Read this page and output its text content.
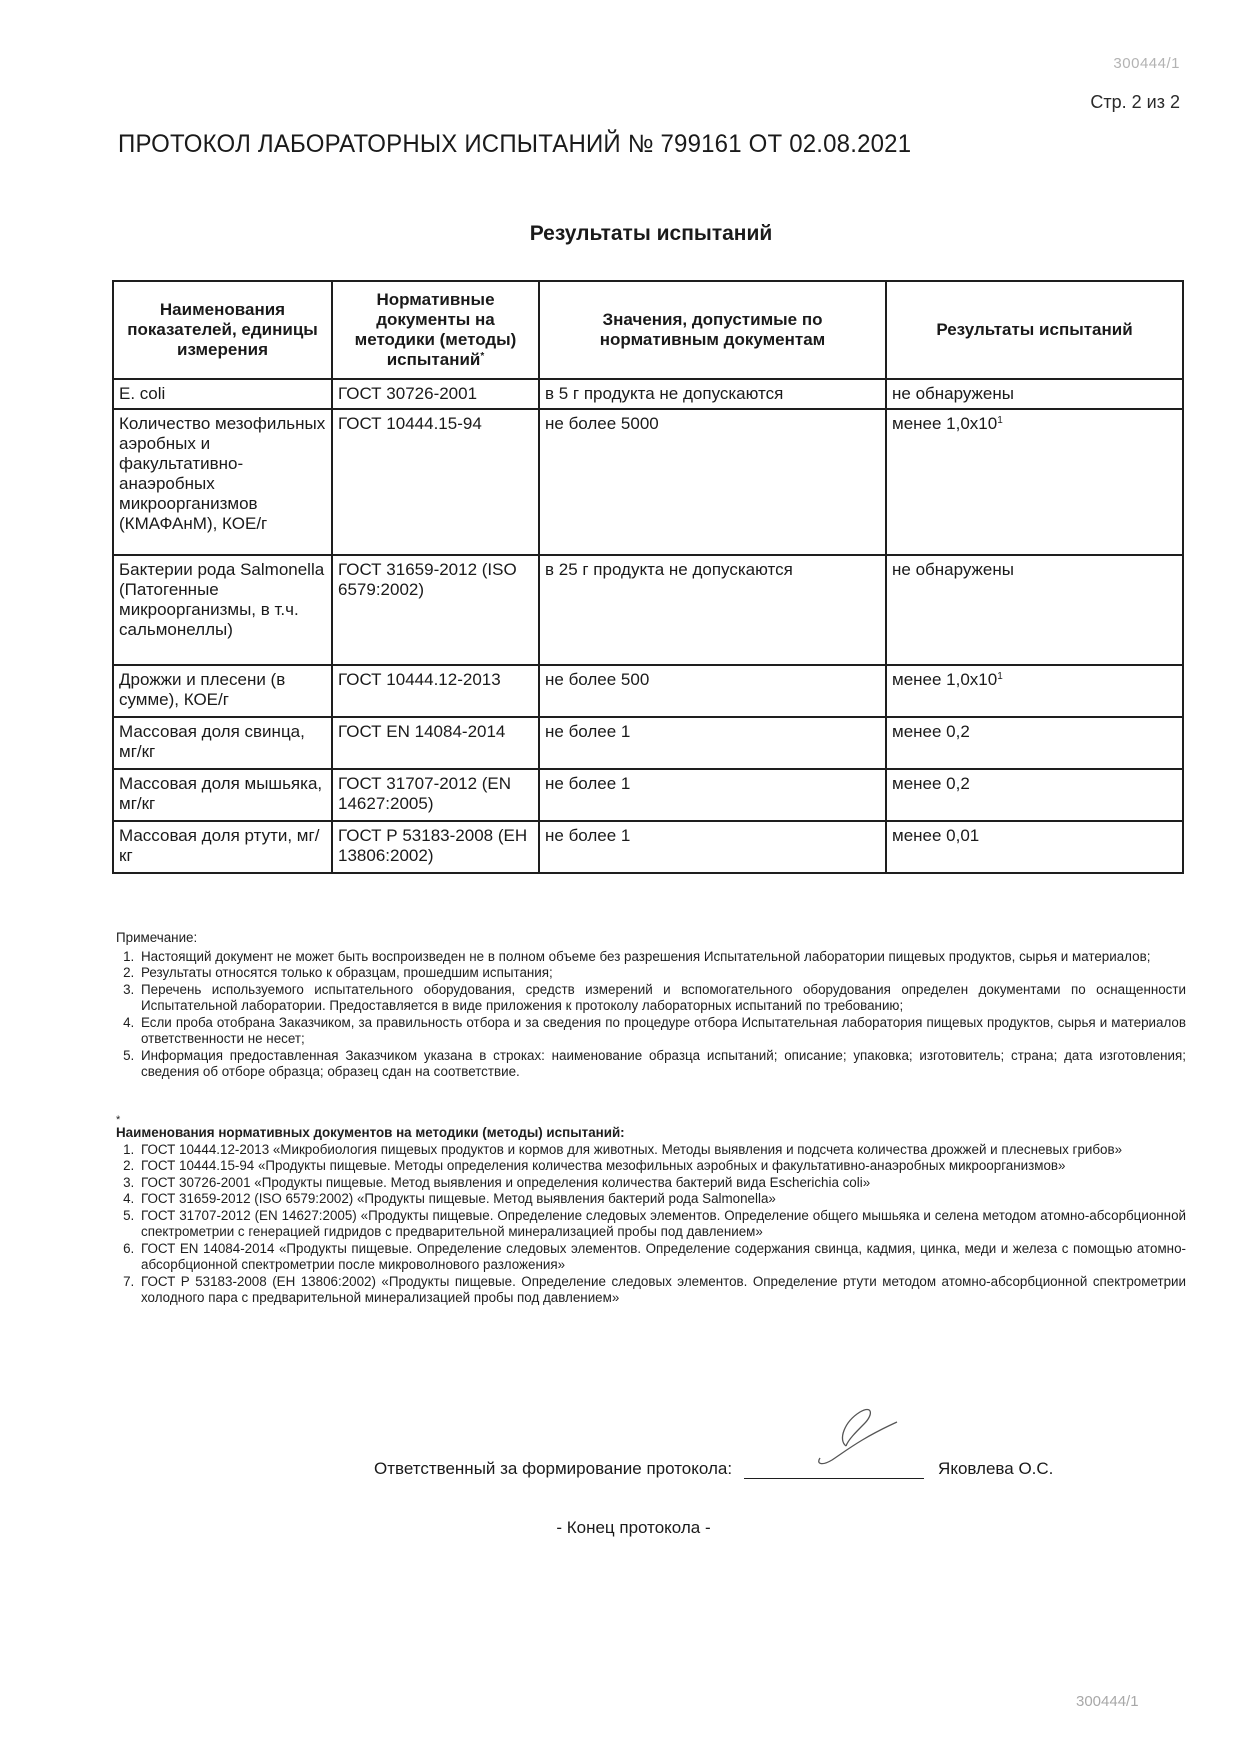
300444/1
Стр. 2 из 2
ПРОТОКОЛ ЛАБОРАТОРНЫХ ИСПЫТАНИЙ № 799161 ОТ 02.08.2021
Результаты испытаний
Наименования показателей, единицы измерения	Нормативные документы на методики (методы) испытаний*	Значения, допустимые по нормативным документам	Результаты испытаний
E. coli	ГОСТ 30726-2001	в 5 г продукта не допускаются	не обнаружены
Количество мезофильных аэробных и факультативно-анаэробных микроорганизмов (КМАФАнМ), КОЕ/г	ГОСТ 10444.15-94	не более 5000	менее $1,0x10^1$
Бактерии рода Salmonella (Патогенные микроорганизмы, в т.ч. сальмонеллы)	ГОСТ 31659-2012 (ISO 6579:2002)	в 25 г продукта не допускаются	не обнаружены
Дрожжи и плесени (в сумме), КОЕ/г	ГОСТ 10444.12-2013	не более 500	менее $1,0x10^1$
Массовая доля свинца, мг/кг	ГОСТ EN 14084-2014	не более 1	менее 0,2
Массовая доля мышьяка, мг/кг	ГОСТ 31707-2012 (EN 14627:2005)	не более 1	менее 0,2
Массовая доля ртути, мг/кг	ГОСТ Р 53183-2008 (ЕН 13806:2002)	не более 1	менее 0,01
Примечание:
1. Настоящий документ не может быть воспроизведен не в полном объеме без разрешения Испытательной лаборатории пищевых продуктов, сырья и материалов;
2. Результаты относятся только к образцам, прошедшим испытания;
3. Перечень используемого испытательного оборудования, средств измерений и вспомогательного оборудования определен документами по оснащенности Испытательной лаборатории. Предоставляется в виде приложения к протоколу лабораторных испытаний по требованию;
4. Если проба отобрана Заказчиком, за правильность отбора и за сведения по процедуре отбора Испытательная лаборатория пищевых продуктов, сырья и материалов ответственности не несет;
5. Информация предоставленная Заказчиком указана в строках: наименование образца испытаний; описание; упаковка; изготовитель; страна; дата изготовления; сведения об отборе образца; образец сдан на соответствие.
*
Наименования нормативных документов на методики (методы) испытаний:
1. ГОСТ 10444.12-2013 «Микробиология пищевых продуктов и кормов для животных. Методы выявления и подсчета количества дрожжей и плесневых грибов»
2. ГОСТ 10444.15-94 «Продукты пищевые. Методы определения количества мезофильных аэробных и факультативно-анаэробных микроорганизмов»
3. ГОСТ 30726-2001 «Продукты пищевые. Метод выявления и определения количества бактерий вида Escherichia coli»
4. ГОСТ 31659-2012 (ISO 6579:2002) «Продукты пищевые. Метод выявления бактерий рода Salmonella»
5. ГОСТ 31707-2012 (EN 14627:2005) «Продукты пищевые. Определение следовых элементов. Определение общего мышьяка и селена методом атомно-абсорбционной спектрометрии с генерацией гидридов с предварительной минерализацией пробы под давлением»
6. ГОСТ EN 14084-2014 «Продукты пищевые. Определение следовых элементов. Определение содержания свинца, кадмия, цинка, меди и железа с помощью атомно-абсорбционной спектрометрии после микроволнового разложения»
7. ГОСТ Р 53183-2008 (ЕН 13806:2002) «Продукты пищевые. Определение следовых элементов. Определение ртути методом атомно-абсорбционной спектрометрии холодного пара с предварительной минерализацией пробы под давлением»
Ответственный за формирование протокола:	Яковлева О.С.
- Конец протокола -
300444/1
